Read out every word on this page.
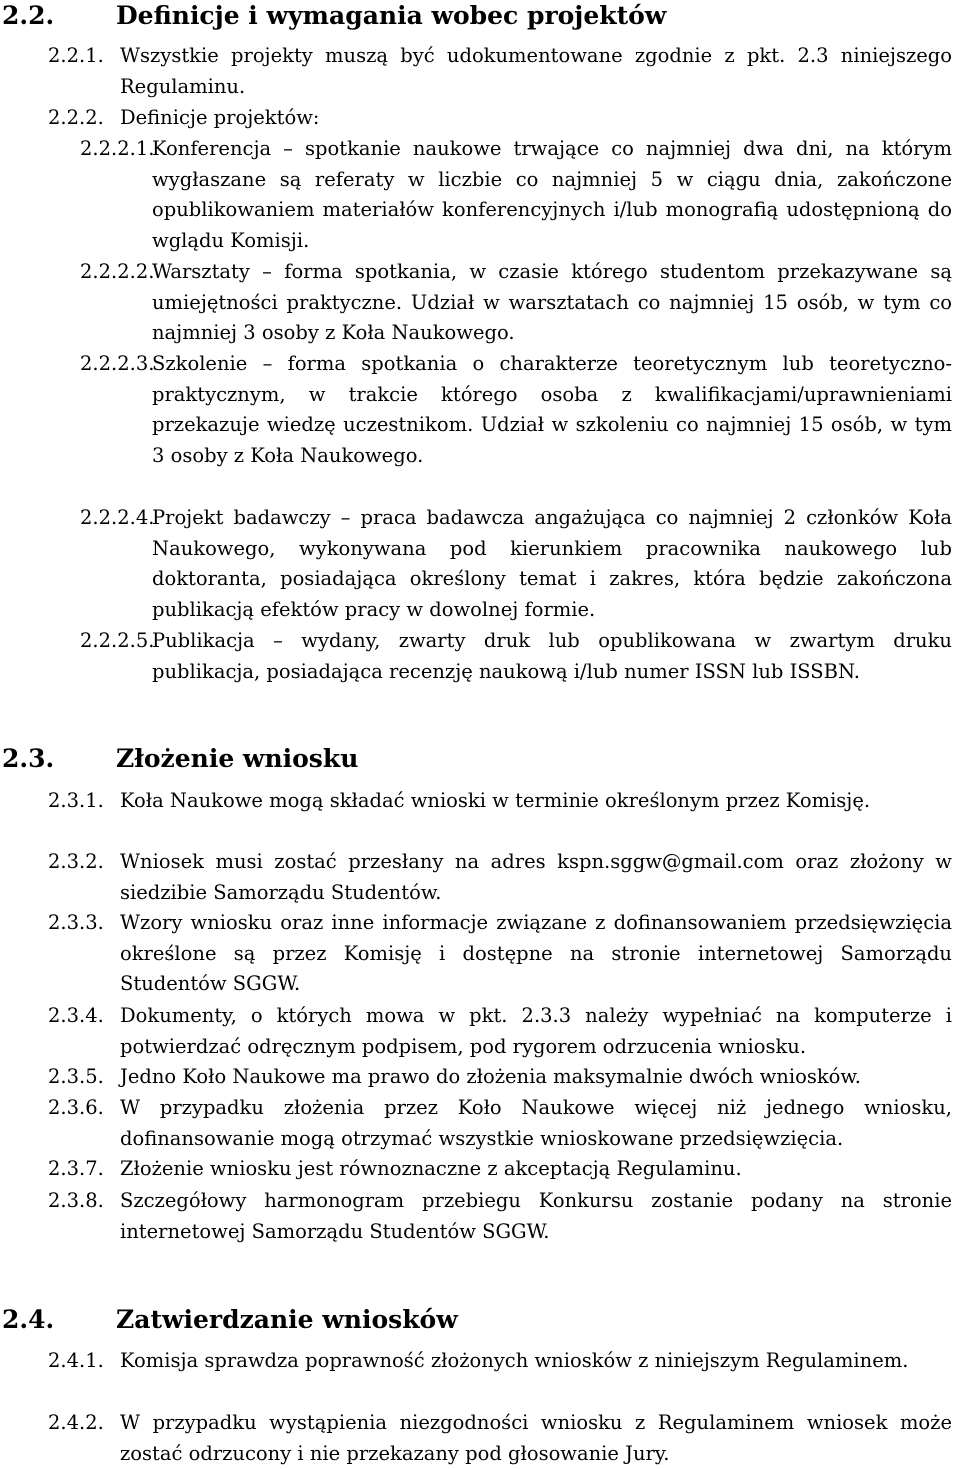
2.2. Definicje i wymagania wobec projektów
2.2.1. Wszystkie projekty muszą być udokumentowane zgodnie z pkt. 2.3 niniejszego Regulaminu.
2.2.2. Definicje projektów:
2.2.2.1.
Konferencja – spotkanie naukowe trwające co najmniej dwa dni, na którym wygłaszane są referaty w liczbie co najmniej 5 w ciągu dnia, zakończone opublikowaniem materiałów konferencyjnych i/lub monografią udostępnioną do wglądu Komisji.
2.2.2.2.
Warsztaty – forma spotkania, w czasie którego studentom przekazywane są umiejętności praktyczne. Udział w warsztatach co najmniej 15 osób, w tym co najmniej 3 osoby z Koła Naukowego.
2.2.2.3.
Szkolenie – forma spotkania o charakterze teoretycznym lub teoretyczno-praktycznym, w trakcie którego osoba z kwalifikacjami/uprawnieniami przekazuje wiedzę uczestnikom. Udział w szkoleniu co najmniej 15 osób, w tym 3 osoby z Koła Naukowego.
2.2.2.4.
Projekt badawczy – praca badawcza angażująca co najmniej 2 członków Koła Naukowego, wykonywana pod kierunkiem pracownika naukowego lub doktoranta, posiadająca określony temat i zakres, która będzie zakończona publikacją efektów pracy w dowolnej formie.
2.2.2.5.
Publikacja – wydany, zwarty druk lub opublikowana w zwartym druku publikacja, posiadająca recenzję naukową i/lub numer ISSN lub ISSBN.
2.3. Złożenie wniosku
2.3.1. Koła Naukowe mogą składać wnioski w terminie określonym przez Komisję.
2.3.2. Wniosek musi zostać przesłany na adres kspn.sggw@gmail.com oraz złożony w siedzibie Samorządu Studentów.
2.3.3. Wzory wniosku oraz inne informacje związane z dofinansowaniem przedsięwzięcia określone są przez Komisję i dostępne na stronie internetowej Samorządu Studentów SGGW.
2.3.4. Dokumenty, o których mowa w pkt. 2.3.3 należy wypełniać na komputerze i potwierdzać odręcznym podpisem, pod rygorem odrzucenia wniosku.
2.3.5. Jedno Koło Naukowe ma prawo do złożenia maksymalnie dwóch wniosków.
2.3.6. W przypadku złożenia przez Koło Naukowe więcej niż jednego wniosku, dofinansowanie mogą otrzymać wszystkie wnioskowane przedsięwzięcia.
2.3.7. Złożenie wniosku jest równoznaczne z akceptacją Regulaminu.
2.3.8. Szczegółowy harmonogram przebiegu Konkursu zostanie podany na stronie internetowej Samorządu Studentów SGGW.
2.4. Zatwierdzanie wniosków
2.4.1. Komisja sprawdza poprawność złożonych wniosków z niniejszym Regulaminem.
2.4.2. W przypadku wystąpienia niezgodności wniosku z Regulaminem wniosek może zostać odrzucony i nie przekazany pod głosowanie Jury.
